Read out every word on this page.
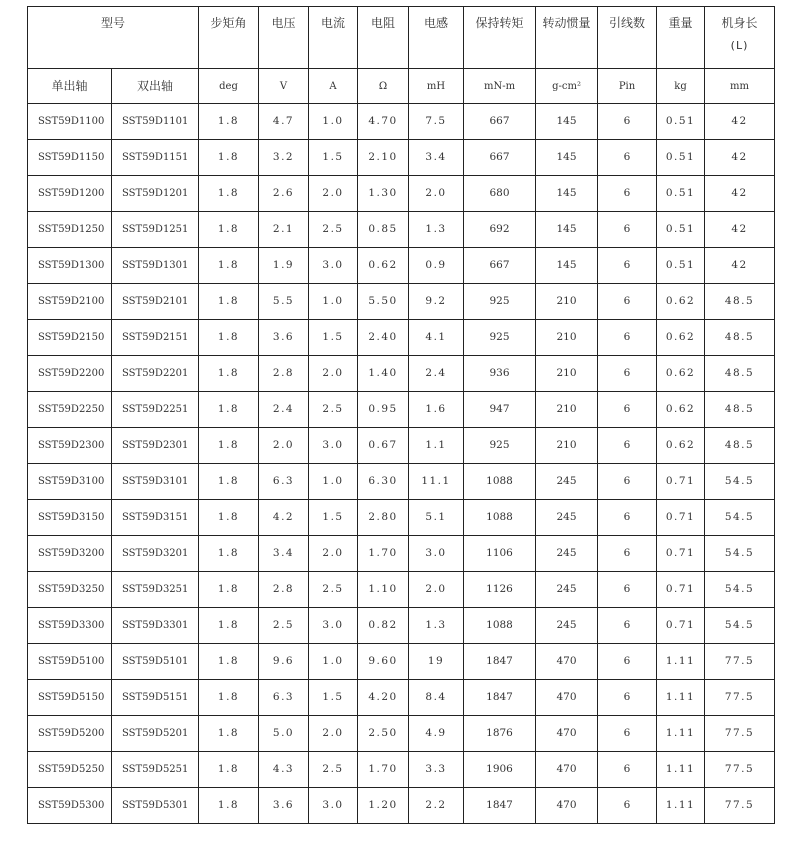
型号		步矩角	电压	电流	电阻	电感	保持转矩	转动惯量	引线数	重量	机身长
(L)

单出轴	双出轴	deg	V	A	Ω	mH	mN-m	g-cm²	Pin	kg	mm
SST59D1100	SST59D1101	1.8	4.7	1.0	4.70	7.5	667	145	6	0.51	42
SST59D1150	SST59D1151	1.8	3.2	1.5	2.10	3.4	667	145	6	0.51	42
SST59D1200	SST59D1201	1.8	2.6	2.0	1.30	2.0	680	145	6	0.51	42
SST59D1250	SST59D1251	1.8	2.1	2.5	0.85	1.3	692	145	6	0.51	42
SST59D1300	SST59D1301	1.8	1.9	3.0	0.62	0.9	667	145	6	0.51	42
SST59D2100	SST59D2101	1.8	5.5	1.0	5.50	9.2	925	210	6	0.62	48.5
SST59D2150	SST59D2151	1.8	3.6	1.5	2.40	4.1	925	210	6	0.62	48.5
SST59D2200	SST59D2201	1.8	2.8	2.0	1.40	2.4	936	210	6	0.62	48.5
SST59D2250	SST59D2251	1.8	2.4	2.5	0.95	1.6	947	210	6	0.62	48.5
SST59D2300	SST59D2301	1.8	2.0	3.0	0.67	1.1	925	210	6	0.62	48.5
SST59D3100	SST59D3101	1.8	6.3	1.0	6.30	11.1	1088	245	6	0.71	54.5
SST59D3150	SST59D3151	1.8	4.2	1.5	2.80	5.1	1088	245	6	0.71	54.5
SST59D3200	SST59D3201	1.8	3.4	2.0	1.70	3.0	1106	245	6	0.71	54.5
SST59D3250	SST59D3251	1.8	2.8	2.5	1.10	2.0	1126	245	6	0.71	54.5
SST59D3300	SST59D3301	1.8	2.5	3.0	0.82	1.3	1088	245	6	0.71	54.5
SST59D5100	SST59D5101	1.8	9.6	1.0	9.60	19	1847	470	6	1.11	77.5
SST59D5150	SST59D5151	1.8	6.3	1.5	4.20	8.4	1847	470	6	1.11	77.5
SST59D5200	SST59D5201	1.8	5.0	2.0	2.50	4.9	1876	470	6	1.11	77.5
SST59D5250	SST59D5251	1.8	4.3	2.5	1.70	3.3	1906	470	6	1.11	77.5
SST59D5300	SST59D5301	1.8	3.6	3.0	1.20	2.2	1847	470	6	1.11	77.5
